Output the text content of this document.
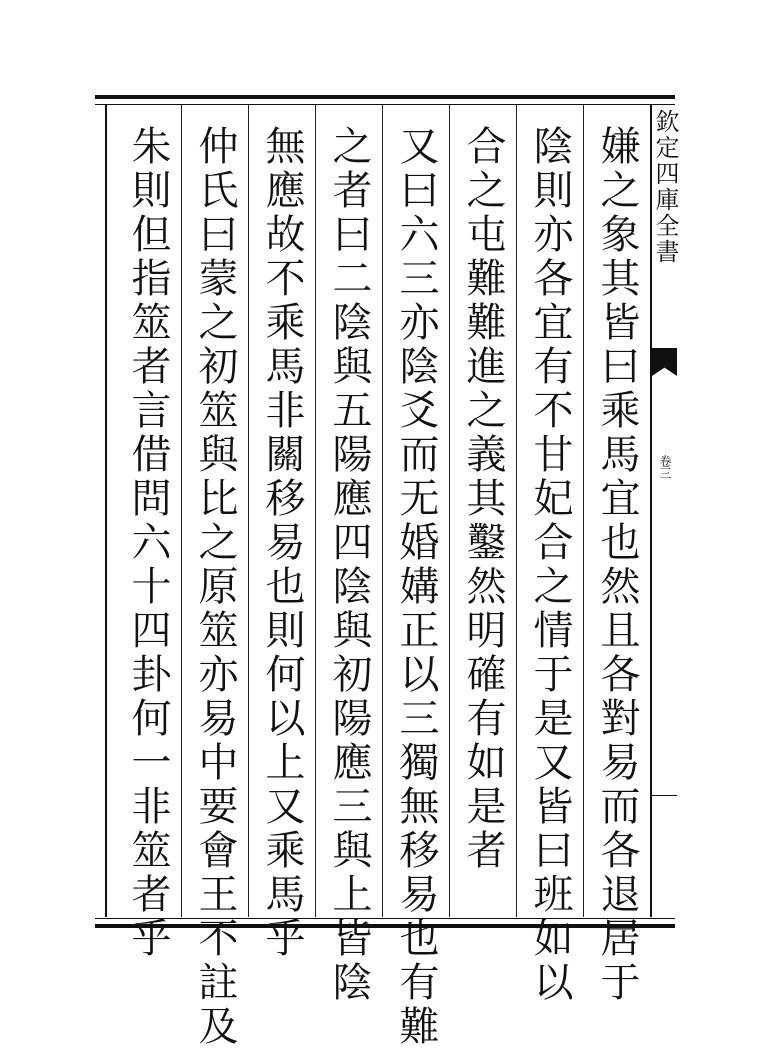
嫌之象其皆曰乘馬宜也然且各對易而各退居于
陰則亦各宜有不甘妃合之情于是又皆曰班如以
合之屯難難進之義其鑿然明確有如是者
又曰六三亦陰爻而无婚媾正以三獨無移易也有難
之者曰二陰與五陽應四陰與初陽應三與上皆陰
無應故不乘馬非關移易也則何以上又乘馬乎
仲氏曰蒙之初筮與比之原筮亦易中要會王不註及
朱則但指筮者言借問六十四卦何一非筮者乎	欽定四庫全書
卷三
